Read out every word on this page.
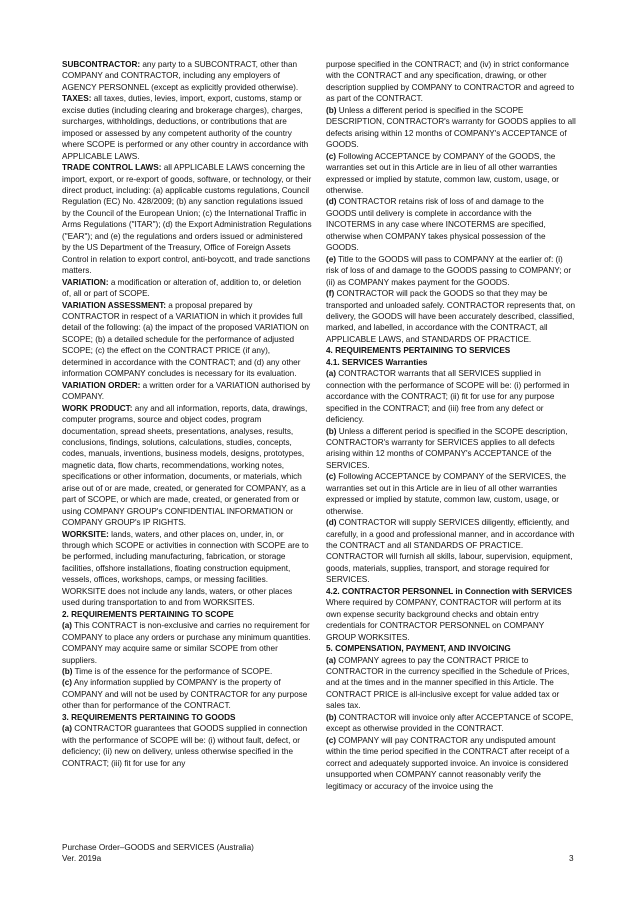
SUBCONTRACTOR: any party to a SUBCONTRACT, other than COMPANY and CONTRACTOR, including any employers of AGENCY PERSONNEL (except as explicitly provided otherwise).

TAXES: all taxes, duties, levies, import, export, customs, stamp or excise duties (including clearing and brokerage charges), charges, surcharges, withholdings, deductions, or contributions that are imposed or assessed by any competent authority of the country where SCOPE is performed or any other country in accordance with APPLICABLE LAWS.

TRADE CONTROL LAWS: all APPLICABLE LAWS concerning the import, export, or re-export of goods, software, or technology, or their direct product, including: (a) applicable customs regulations, Council Regulation (EC) No. 428/2009; (b) any sanction regulations issued by the Council of the European Union; (c) the International Traffic in Arms Regulations ("ITAR"); (d) the Export Administration Regulations ("EAR"); and (e) the regulations and orders issued or administered by the US Department of the Treasury, Office of Foreign Assets Control in relation to export control, anti-boycott, and trade sanctions matters.

VARIATION: a modification or alteration of, addition to, or deletion of, all or part of SCOPE.

VARIATION ASSESSMENT: a proposal prepared by CONTRACTOR in respect of a VARIATION in which it provides full detail of the following: (a) the impact of the proposed VARIATION on SCOPE; (b) a detailed schedule for the performance of adjusted SCOPE; (c) the effect on the CONTRACT PRICE (if any), determined in accordance with the CONTRACT; and (d) any other information COMPANY concludes is necessary for its evaluation.

VARIATION ORDER: a written order for a VARIATION authorised by COMPANY.

WORK PRODUCT: any and all information, reports, data, drawings, computer programs, source and object codes, program documentation, spread sheets, presentations, analyses, results, conclusions, findings, solutions, calculations, studies, concepts, codes, manuals, inventions, business models, designs, prototypes, magnetic data, flow charts, recommendations, working notes, specifications or other information, documents, or materials, which arise out of or are made, created, or generated for COMPANY, as a part of SCOPE, or which are made, created, or generated from or using COMPANY GROUP's CONFIDENTIAL INFORMATION or COMPANY GROUP's IP RIGHTS.

WORKSITE: lands, waters, and other places on, under, in, or through which SCOPE or activities in connection with SCOPE are to be performed, including manufacturing, fabrication, or storage facilities, offshore installations, floating construction equipment, vessels, offices, workshops, camps, or messing facilities. WORKSITE does not include any lands, waters, or other places used during transportation to and from WORKSITES.

2. REQUIREMENTS PERTAINING TO SCOPE

(a) This CONTRACT is non-exclusive and carries no requirement for COMPANY to place any orders or purchase any minimum quantities. COMPANY may acquire same or similar SCOPE from other suppliers.

(b) Time is of the essence for the performance of SCOPE.

(c) Any information supplied by COMPANY is the property of COMPANY and will not be used by CONTRACTOR for any purpose other than for performance of the CONTRACT.

3. REQUIREMENTS PERTAINING TO GOODS

(a) CONTRACTOR guarantees that GOODS supplied in connection with the performance of SCOPE will be: (i) without fault, defect, or deficiency; (ii) new on delivery, unless otherwise specified in the CONTRACT; (iii) fit for use for any

purpose specified in the CONTRACT; and (iv) in strict conformance with the CONTRACT and any specification, drawing, or other description supplied by COMPANY to CONTRACTOR and agreed to as part of the CONTRACT.

(b) Unless a different period is specified in the SCOPE DESCRIPTION, CONTRACTOR's warranty for GOODS applies to all defects arising within 12 months of COMPANY's ACCEPTANCE of GOODS.

(c) Following ACCEPTANCE by COMPANY of the GOODS, the warranties set out in this Article are in lieu of all other warranties expressed or implied by statute, common law, custom, usage, or otherwise.

(d) CONTRACTOR retains risk of loss of and damage to the GOODS until delivery is complete in accordance with the INCOTERMS in any case where INCOTERMS are specified, otherwise when COMPANY takes physical possession of the GOODS.

(e) Title to the GOODS will pass to COMPANY at the earlier of: (i) risk of loss of and damage to the GOODS passing to COMPANY; or (ii) as COMPANY makes payment for the GOODS.

(f) CONTRACTOR will pack the GOODS so that they may be transported and unloaded safely. CONTRACTOR represents that, on delivery, the GOODS will have been accurately described, classified, marked, and labelled, in accordance with the CONTRACT, all APPLICABLE LAWS, and STANDARDS OF PRACTICE.

4. REQUIREMENTS PERTAINING TO SERVICES

4.1. SERVICES Warranties

(a) CONTRACTOR warrants that all SERVICES supplied in connection with the performance of SCOPE will be: (i) performed in accordance with the CONTRACT; (ii) fit for use for any purpose specified in the CONTRACT; and (iii) free from any defect or deficiency.

(b) Unless a different period is specified in the SCOPE description, CONTRACTOR's warranty for SERVICES applies to all defects arising within 12 months of COMPANY's ACCEPTANCE of the SERVICES.

(c) Following ACCEPTANCE by COMPANY of the SERVICES, the warranties set out in this Article are in lieu of all other warranties expressed or implied by statute, common law, custom, usage, or otherwise.

(d) CONTRACTOR will supply SERVICES diligently, efficiently, and carefully, in a good and professional manner, and in accordance with the CONTRACT and all STANDARDS OF PRACTICE. CONTRACTOR will furnish all skills, labour, supervision, equipment, goods, materials, supplies, transport, and storage required for SERVICES.

4.2. CONTRACTOR PERSONNEL in Connection with SERVICES

Where required by COMPANY, CONTRACTOR will perform at its own expense security background checks and obtain entry credentials for CONTRACTOR PERSONNEL on COMPANY GROUP WORKSITES.

5. COMPENSATION, PAYMENT, AND INVOICING

(a) COMPANY agrees to pay the CONTRACT PRICE to CONTRACTOR in the currency specified in the Schedule of Prices, and at the times and in the manner specified in this Article. The CONTRACT PRICE is all-inclusive except for value added tax or sales tax.

(b) CONTRACTOR will invoice only after ACCEPTANCE of SCOPE, except as otherwise provided in the CONTRACT.

(c) COMPANY will pay CONTRACTOR any undisputed amount within the time period specified in the CONTRACT after receipt of a correct and adequately supported invoice. An invoice is considered unsupported when COMPANY cannot reasonably verify the legitimacy or accuracy of the invoice using the

Purchase Order–GOODS and SERVICES (Australia)
Ver. 2019a	3
